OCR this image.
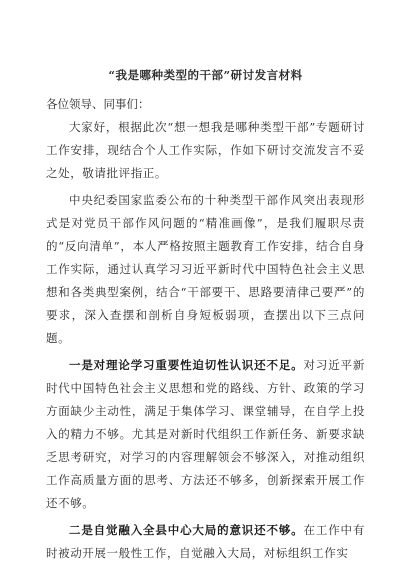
“我是哪种类型的干部”研讨发言材料

各位领导、同事们：

大家好，根据此次“想一想我是哪种类型干部”专题研讨工作安排，现结合个人工作实际，作如下研讨交流发言不妥之处，敬请批评指正。

中央纪委国家监委公布的十种类型干部作风突出表现形式是对党员干部作风问题的“精准画像”，是我们履职尽责的“反向清单”，本人严格按照主题教育工作安排，结合自身工作实际，通过认真学习习近平新时代中国特色社会主义思想和各类典型案例，结合“干部要干、思路要清律己要严”的要求，深入查摆和剖析自身短板弱项，查摆出以下三点问题。

一是对理论学习重要性迫切性认识还不足。对习近平新时代中国特色社会主义思想和党的路线、方针、政策的学习方面缺少主动性，满足于集体学习、课堂辅导，在自学上投入的精力不够。尤其是对新时代组织工作新任务、新要求缺乏思考研究，对学习的内容理解领会不够深入，对推动组织工作高质量方面的思考、方法还不够多，创新探索开展工作还不够。

二是自觉融入全县中心大局的意识还不够。在工作中有时被动开展一般性工作，自觉融入大局，对标组织工作实
